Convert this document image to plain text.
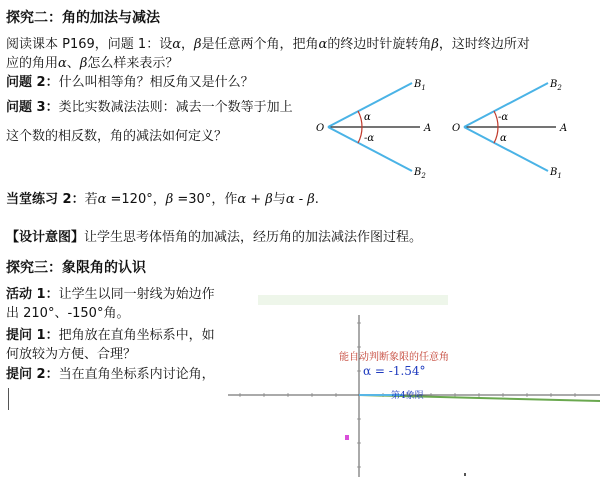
探究二：角的加法与减法
阅读课本 P169，问题 1：设α，β是任意两个角，把角α的终边时针旋转角β，这时终边所对
应的角用α、β怎么样来表示？
问题 2：什么叫相等角？相反角又是什么？
问题 3：类比实数减法法则：减去一个数等于加上
这个数的相反数，角的减法如何定义？
O	A
$B_1$
$B_2$
α
-α
O	A
$B_2$
$B_1$
-α
α
当堂练习 2：若α =120°，β =30°，作α + β与α - β.
【设计意图】让学生思考体悟角的加减法，经历角的加法减法作图过程。
探究三：象限角的认识
活动 1：让学生以同一射线为始边作
出 210°、-150°角。
提问 1：把角放在直角坐标系中，如
何放较为方便、合理？
提问 2：当在直角坐标系内讨论角，
能自动判断象限的任意角
α = -1.54°
第4象限
